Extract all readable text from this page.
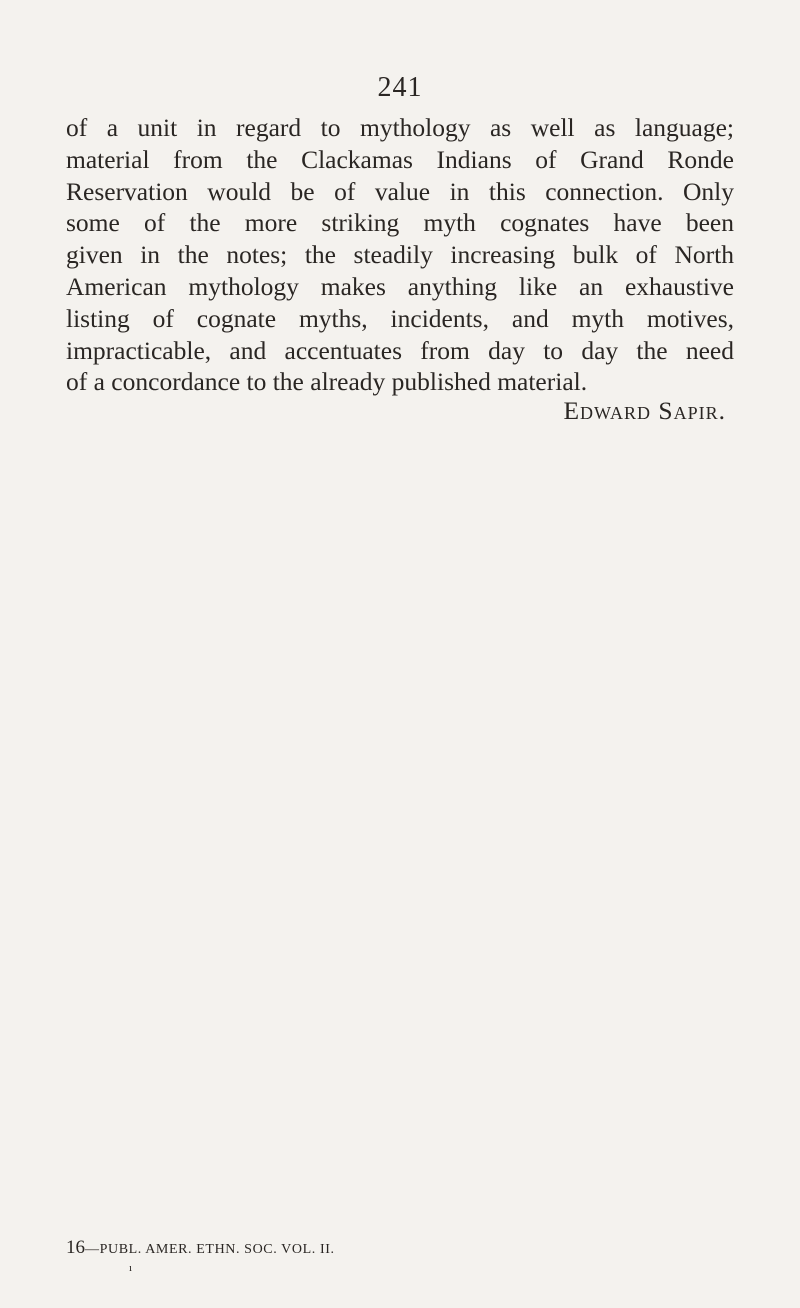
241
of a unit in regard to mythology as well as language;
material from the Clackamas Indians of Grand Ronde
Reservation would be of value in this connection. Only
some of the more striking myth cognates have been
given in the notes; the steadily increasing bulk of North
American mythology makes anything like an exhaustive
listing of cognate myths, incidents, and myth motives,
impracticable, and accentuates from day to day the need
of a concordance to the already published material.
Edward Sapir.
16—PUBL. AMER. ETHN. SOC. VOL. II.
ı
